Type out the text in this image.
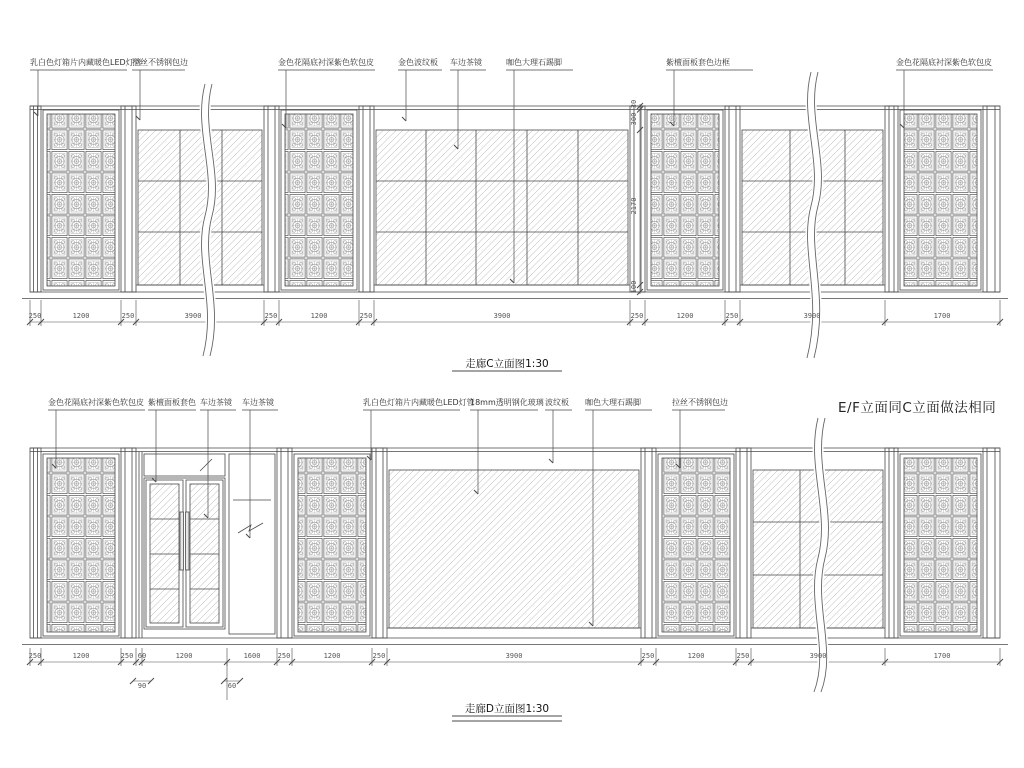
乳白色灯箱片内藏暖色LED灯管
拉丝不锈钢包边	金色花隔底衬深紫色软包皮	金色波纹板 车边茶镜	咖色大理石踢脚	紫檀面板套色边框	金色花隔底衬深紫色软包皮
250	1200	250	3900	250	1200	250	3900	250	1200	250	3900	1700
30
300
2170
100
走廊C立面图1:30
金色花隔底衬深紫色软包皮 紫檀面板套色 车边茶镜 车边茶镜	乳白色灯箱片内藏暖色LED灯管
18mm透明钢化玻璃 波纹板 咖色大理石踢脚	拉丝不锈钢包边	E/F立面同C立面做法相同
250	1200	250 60	1200	1600 250	1200	250	3900	250	1200	250	3900	1700
90	60
走廊D立面图1:30
